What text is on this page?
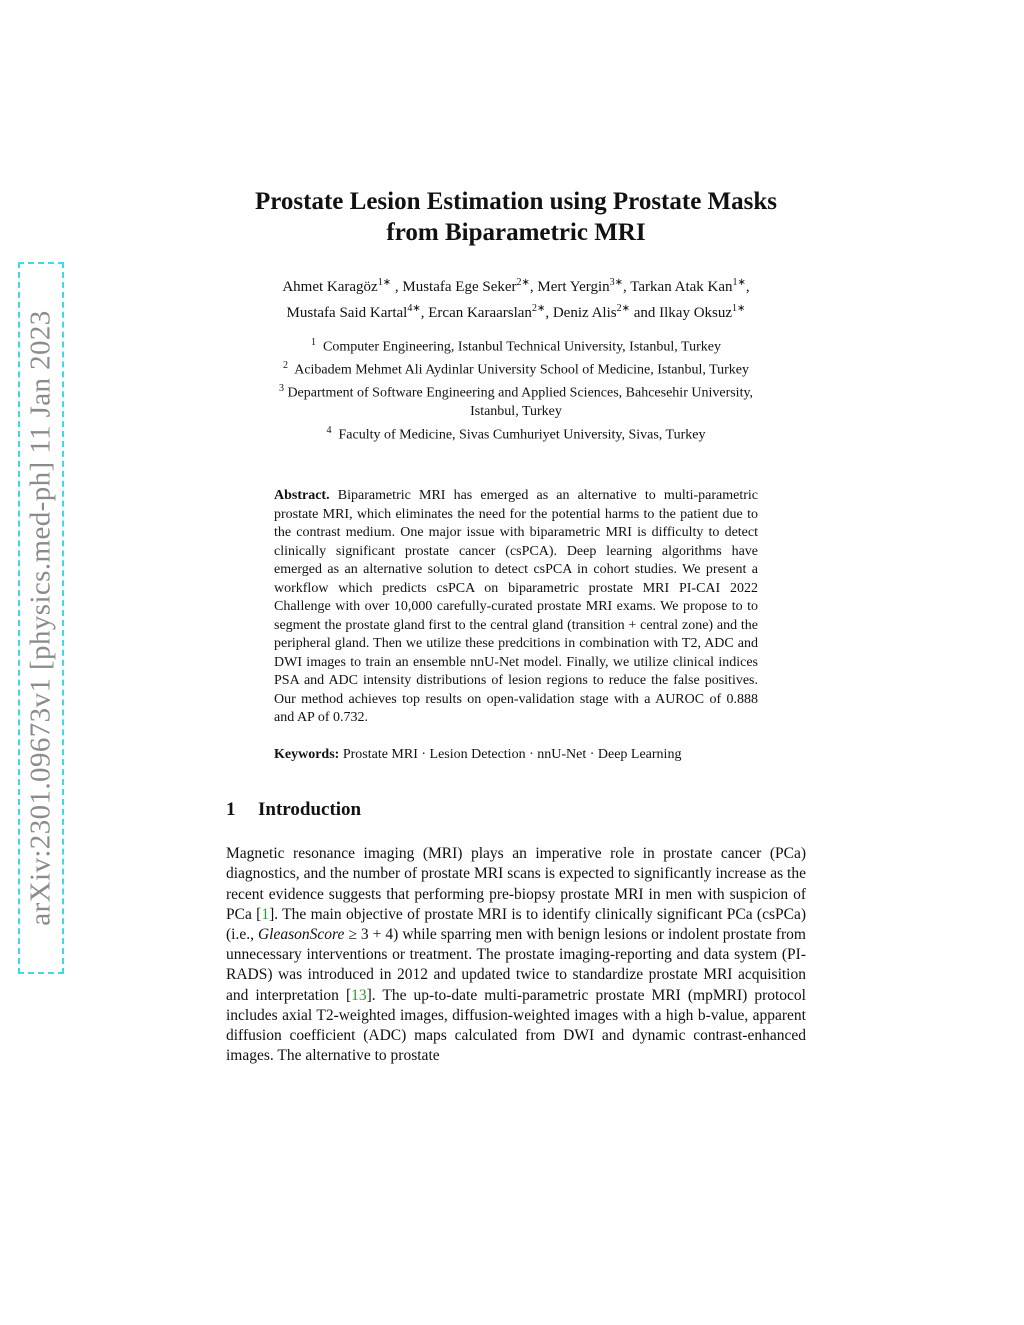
arXiv:2301.09673v1 [physics.med-ph] 11 Jan 2023
Prostate Lesion Estimation using Prostate Masks
from Biparametric MRI
Ahmet Karagöz$^{1∗}$ , Mustafa Ege Seker$^{2∗}$, Mert Yergin$^{3∗}$, Tarkan Atak Kan$^{1∗}$,
Mustafa Said Kartal$^{4∗}$, Ercan Karaarslan$^{2∗}$, Deniz Alis$^{2∗}$ and Ilkay Oksuz$^{1∗}$
$^1$ Computer Engineering, Istanbul Technical University, Istanbul, Turkey
$^2$ Acibadem Mehmet Ali Aydinlar University School of Medicine, Istanbul, Turkey
$^3$ Department of Software Engineering and Applied Sciences, Bahcesehir University,
Istanbul, Turkey
$^4$ Faculty of Medicine, Sivas Cumhuriyet University, Sivas, Turkey
Abstract. Biparametric MRI has emerged as an alternative to multi-parametric prostate MRI, which eliminates the need for the potential harms to the patient due to the contrast medium. One major issue with biparametric MRI is difficulty to detect clinically significant prostate cancer (csPCA). Deep learning algorithms have emerged as an alternative solution to detect csPCA in cohort studies. We present a workflow which predicts csPCA on biparametric prostate MRI PI-CAI 2022 Challenge with over 10,000 carefully-curated prostate MRI exams. We propose to to segment the prostate gland first to the central gland (transition + central zone) and the peripheral gland. Then we utilize these predcitions in combination with T2, ADC and DWI images to train an ensemble nnU-Net model. Finally, we utilize clinical indices PSA and ADC intensity distributions of lesion regions to reduce the false positives. Our method achieves top results on open-validation stage with a AUROC of 0.888 and AP of 0.732.
Keywords: Prostate MRI · Lesion Detection · nnU-Net · Deep Learning
1 Introduction
Magnetic resonance imaging (MRI) plays an imperative role in prostate cancer (PCa) diagnostics, and the number of prostate MRI scans is expected to significantly increase as the recent evidence suggests that performing pre-biopsy prostate MRI in men with suspicion of PCa [1]. The main objective of prostate MRI is to identify clinically significant PCa (csPCa) (i.e., GleasonScore ≥ 3 + 4) while sparring men with benign lesions or indolent prostate from unnecessary interventions or treatment. The prostate imaging-reporting and data system (PI-RADS) was introduced in 2012 and updated twice to standardize prostate MRI acquisition and interpretation [13]. The up-to-date multi-parametric prostate MRI (mpMRI) protocol includes axial T2-weighted images, diffusion-weighted images with a high b-value, apparent diffusion coefficient (ADC) maps calculated from DWI and dynamic contrast-enhanced images. The alternative to prostate
